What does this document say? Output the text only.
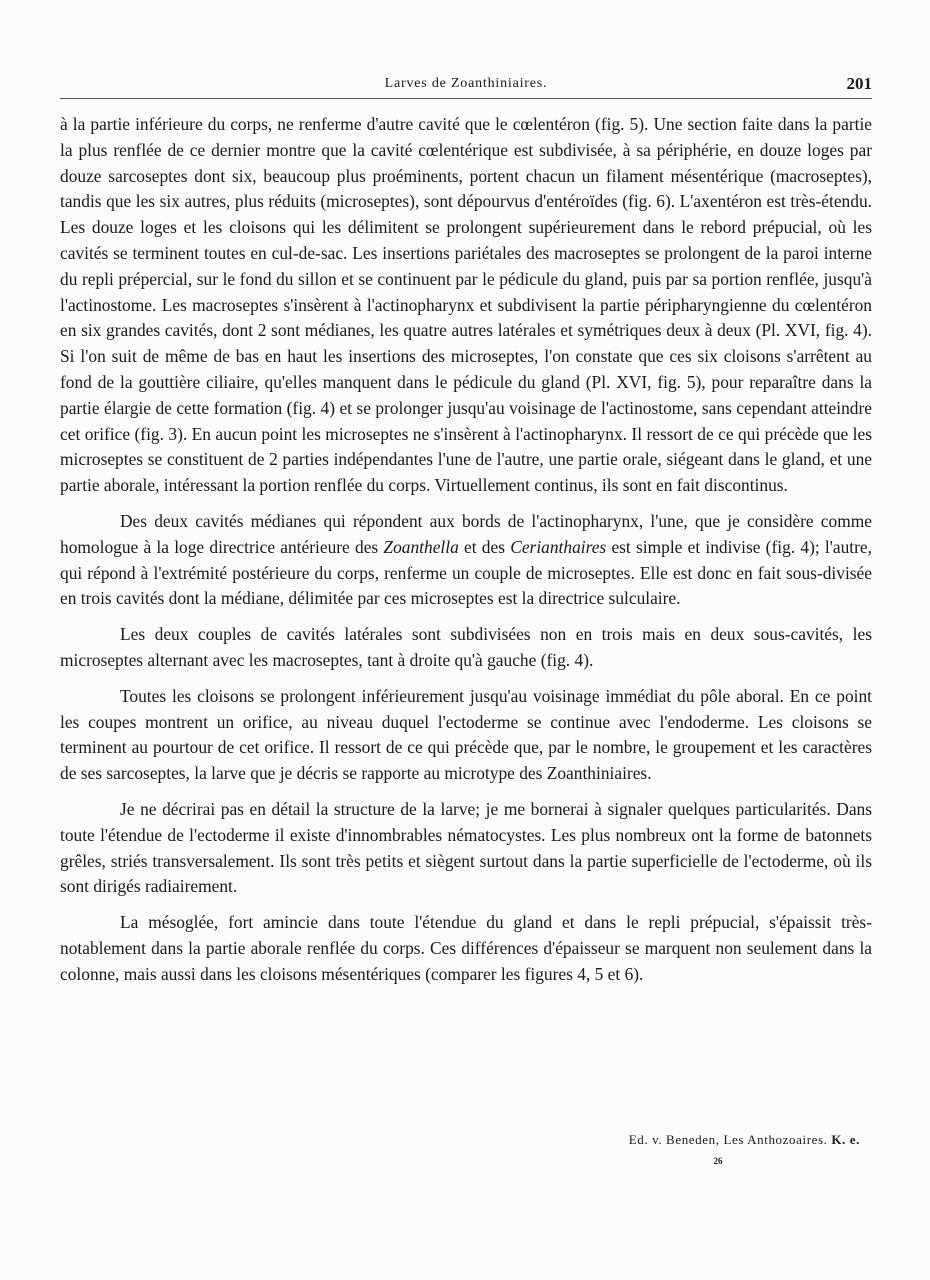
Larves de Zoanthiniaires.	201

à la partie inférieure du corps, ne renferme d'autre cavité que le cœlentéron (fig. 5). Une section faite dans la partie la plus renflée de ce dernier montre que la cavité cœlentérique est subdivisée, à sa périphérie, en douze loges par douze sarcoseptes dont six, beaucoup plus proéminents, portent chacun un filament mésentérique (macroseptes), tandis que les six autres, plus réduits (microseptes), sont dépourvus d'entéroïdes (fig. 6). L'axentéron est très-étendu. Les douze loges et les cloisons qui les délimitent se prolongent supérieurement dans le rebord prépucial, où les cavités se terminent toutes en cul-de-sac. Les insertions pariétales des macroseptes se prolongent de la paroi interne du repli prépercial, sur le fond du sillon et se continuent par le pédicule du gland, puis par sa portion renflée, jusqu'à l'actinostome. Les macroseptes s'insèrent à l'actinopharynx et subdivisent la partie péripharyngienne du cœlentéron en six grandes cavités, dont 2 sont médianes, les quatre autres latérales et symétriques deux à deux (Pl. XVI, fig. 4). Si l'on suit de même de bas en haut les insertions des microseptes, l'on constate que ces six cloisons s'arrêtent au fond de la gouttière ciliaire, qu'elles manquent dans le pédicule du gland (Pl. XVI, fig. 5), pour reparaître dans la partie élargie de cette formation (fig. 4) et se prolonger jusqu'au voisinage de l'actinostome, sans cependant atteindre cet orifice (fig. 3). En aucun point les microseptes ne s'insèrent à l'actinopharynx. Il ressort de ce qui précède que les microseptes se constituent de 2 parties indépendantes l'une de l'autre, une partie orale, siégeant dans le gland, et une partie aborale, intéressant la portion renflée du corps. Virtuellement continus, ils sont en fait discontinus.

Des deux cavités médianes qui répondent aux bords de l'actinopharynx, l'une, que je considère comme homologue à la loge directrice antérieure des Zoanthella et des Cerianthaires est simple et indivise (fig. 4); l'autre, qui répond à l'extrémité postérieure du corps, renferme un couple de microseptes. Elle est donc en fait sous-divisée en trois cavités dont la médiane, délimitée par ces microseptes est la directrice sulculaire.

Les deux couples de cavités latérales sont subdivisées non en trois mais en deux sous-cavités, les microseptes alternant avec les macroseptes, tant à droite qu'à gauche (fig. 4).

Toutes les cloisons se prolongent inférieurement jusqu'au voisinage immédiat du pôle aboral. En ce point les coupes montrent un orifice, au niveau duquel l'ectoderme se continue avec l'endoderme. Les cloisons se terminent au pourtour de cet orifice. Il ressort de ce qui précède que, par le nombre, le groupement et les caractères de ses sarcoseptes, la larve que je décris se rapporte au microtype des Zoanthiniaires.

Je ne décrirai pas en détail la structure de la larve; je me bornerai à signaler quelques particularités. Dans toute l'étendue de l'ectoderme il existe d'innombrables nématocystes. Les plus nombreux ont la forme de batonnets grêles, striés transversalement. Ils sont très petits et siègent surtout dans la partie superficielle de l'ectoderme, où ils sont dirigés radiairement.

La mésoglée, fort amincie dans toute l'étendue du gland et dans le repli prépucial, s'épaissit très-notablement dans la partie aborale renflée du corps. Ces différences d'épaisseur se marquent non seulement dans la colonne, mais aussi dans les cloisons mésentériques (comparer les figures 4, 5 et 6).

Ed. v. Beneden, Les Anthozoaires. K. e.
26
